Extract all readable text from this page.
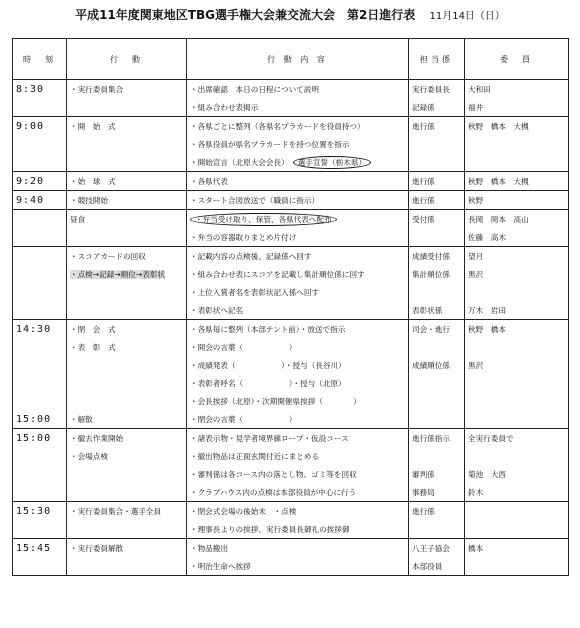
平成11年度関東地区TBG選手権大会兼交流大会　第2日進行表 11月14日（日）
時　刻	行　動	行 動 内 容	担当係	委　員
8:30	・実行委員集合	・出席確認　本日の日程について説明	実行委員長	大和田
		・組み合わせ表掲示	記録係	福井
9:00	・開　始　式	・各県ごとに整列（各県名プラカードを役員持つ）	進行係	秋野　橋本　大槻
		・各県役員が県名プラカードを持つ位置を指示		
		・開始宣言（北原大会会長） 選手宣誓（栃木県）		
9:20	・始　球　式	・各県代表	進行係	秋野　橋本　大槻
9:40	・競技開始	・スタート合図放送で（職員に指示）	進行係	秋野
	昼食	・弁当受け取り、保管、各県代表へ配布	受付係	長岡　岡本　高山
		・弁当の容器取りまとめ片付け		佐藤　高木
	・スコアカードの回収	・記載内容の点検後、記録係へ回す	成績受付係	望月
	・点検→記録→順位→表彰状	・組み合わせ表にスコアを記載し集計順位係に回す	集計順位係	黒沢
		・上位入賞者名を表彰状記入係へ回す		
		・表彰状へ記名	表彰状係	万木　岩田
14:30	・閉　会　式	・各県毎に整列（本部テント前）・放送で指示	司会・進行	秋野　橋本
	・表　彰　式	・開会の言葉（　　　　　　）		
		・成績発表（　　　　　　）・授与（長谷川）	成績順位係	黒沢
		・表彰者呼名（　　　　　　）・授与（北原）		
		・会長挨拶（北原）・次期開催県挨拶（　　　　）		
15:00	・解散	・閉会の言葉（　　　　　　）		
15:00	・撤去作業開始	・諸表示物・見学者境界線ロープ・仮設コース	進行係指示	全実行委員で
	・会場点検	・撤出物品は正面玄関付近にまとめる		
		・審判係は各コース内の落とし物、ゴミ等を回収	審判係	菊池　大西
		・クラブハウス内の点検は本部役員が中心に行う	事務局	鈴木
15:30	・実行委員集合・選手全員	・閉会式会場の後始末　・点検	進行係	
		・理事長よりの挨拶、実行委員長御礼の挨拶御		
15:45	・実行委員解散	・物品搬出	八王子協会	橋本
		・明治生命へ挨拶	本部役員	
